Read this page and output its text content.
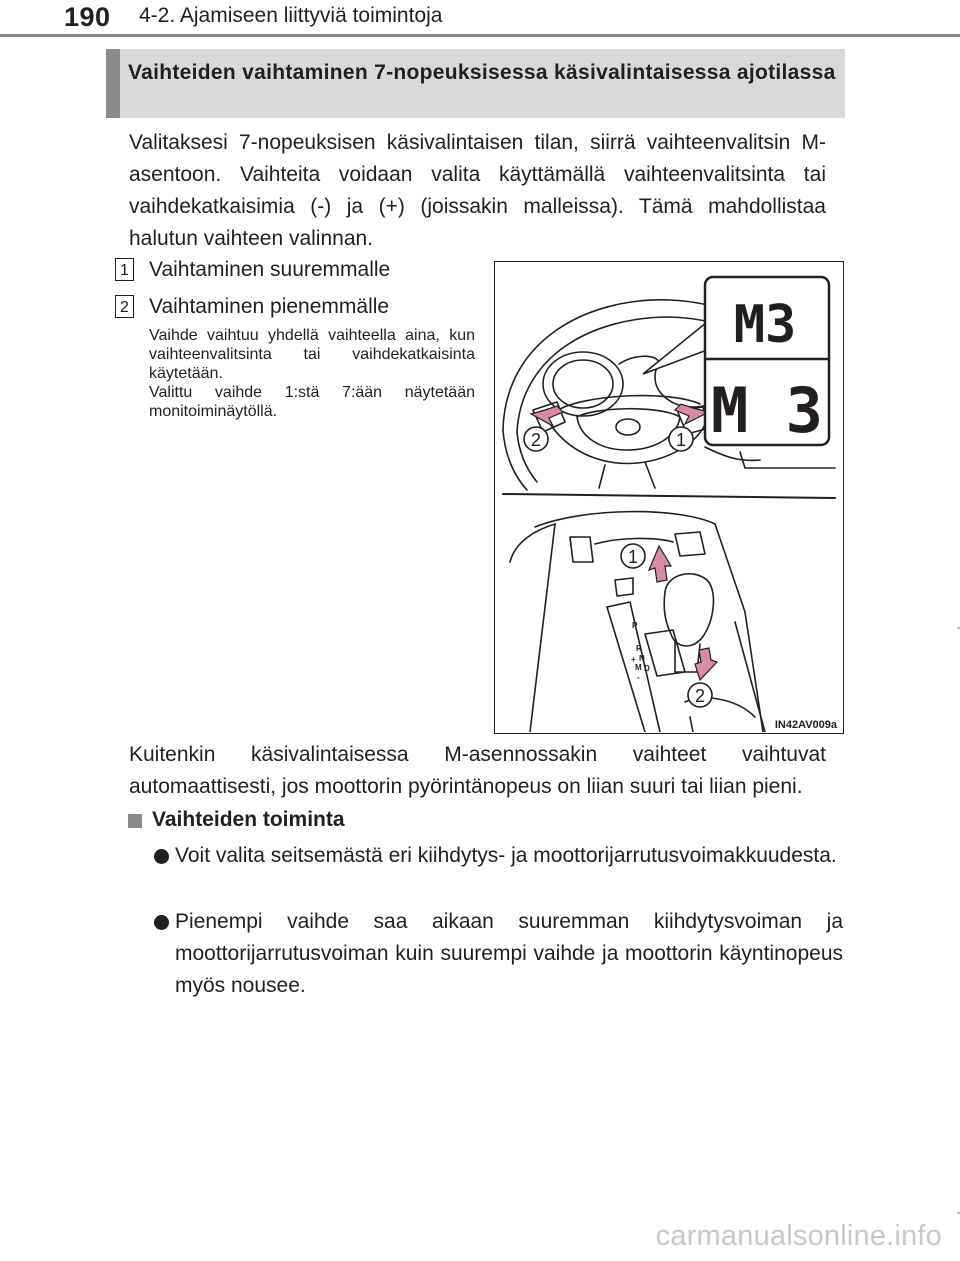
190 4-2. Ajamiseen liittyviä toimintoja
Vaihteiden vaihtaminen 7-nopeuksisessa käsivalintaisessa ajotilassa
Valitaksesi 7-nopeuksisen käsivalintaisen tilan, siirrä vaihteenvalitsin M-asentoon. Vaihteita voidaan valita käyttämällä vaihteenvalitsinta tai vaihdekatkaisimia (-) ja (+) (joissakin malleissa). Tämä mahdollistaa halutun vaihteen valinnan.
1 Vaihtaminen suuremmalle
2 Vaihtaminen pienemmälle
Vaihde vaihtuu yhdellä vaihteella aina, kun vaihteenvalitsinta tai vaihdekatkaisinta käytetään.
Valittu vaihde 1:stä 7:ään näytetään monitoiminäytöllä.
M3
M 3
2	1
1
2
P
R
N
D
M
+
-
IN42AV009a
Kuitenkin käsivalintaisessa M-asennossakin vaihteet vaihtuvat automaattisesti, jos moottorin pyörintänopeus on liian suuri tai liian pieni.
Vaihteiden toiminta
Voit valita seitsemästä eri kiihdytys- ja moottorijarrutusvoimakkuudesta.
Pienempi vaihde saa aikaan suuremman kiihdytysvoiman ja moottorijarrutusvoiman kuin suurempi vaihde ja moottorin käyntinopeus myös nousee.
carmanualsonline.info
